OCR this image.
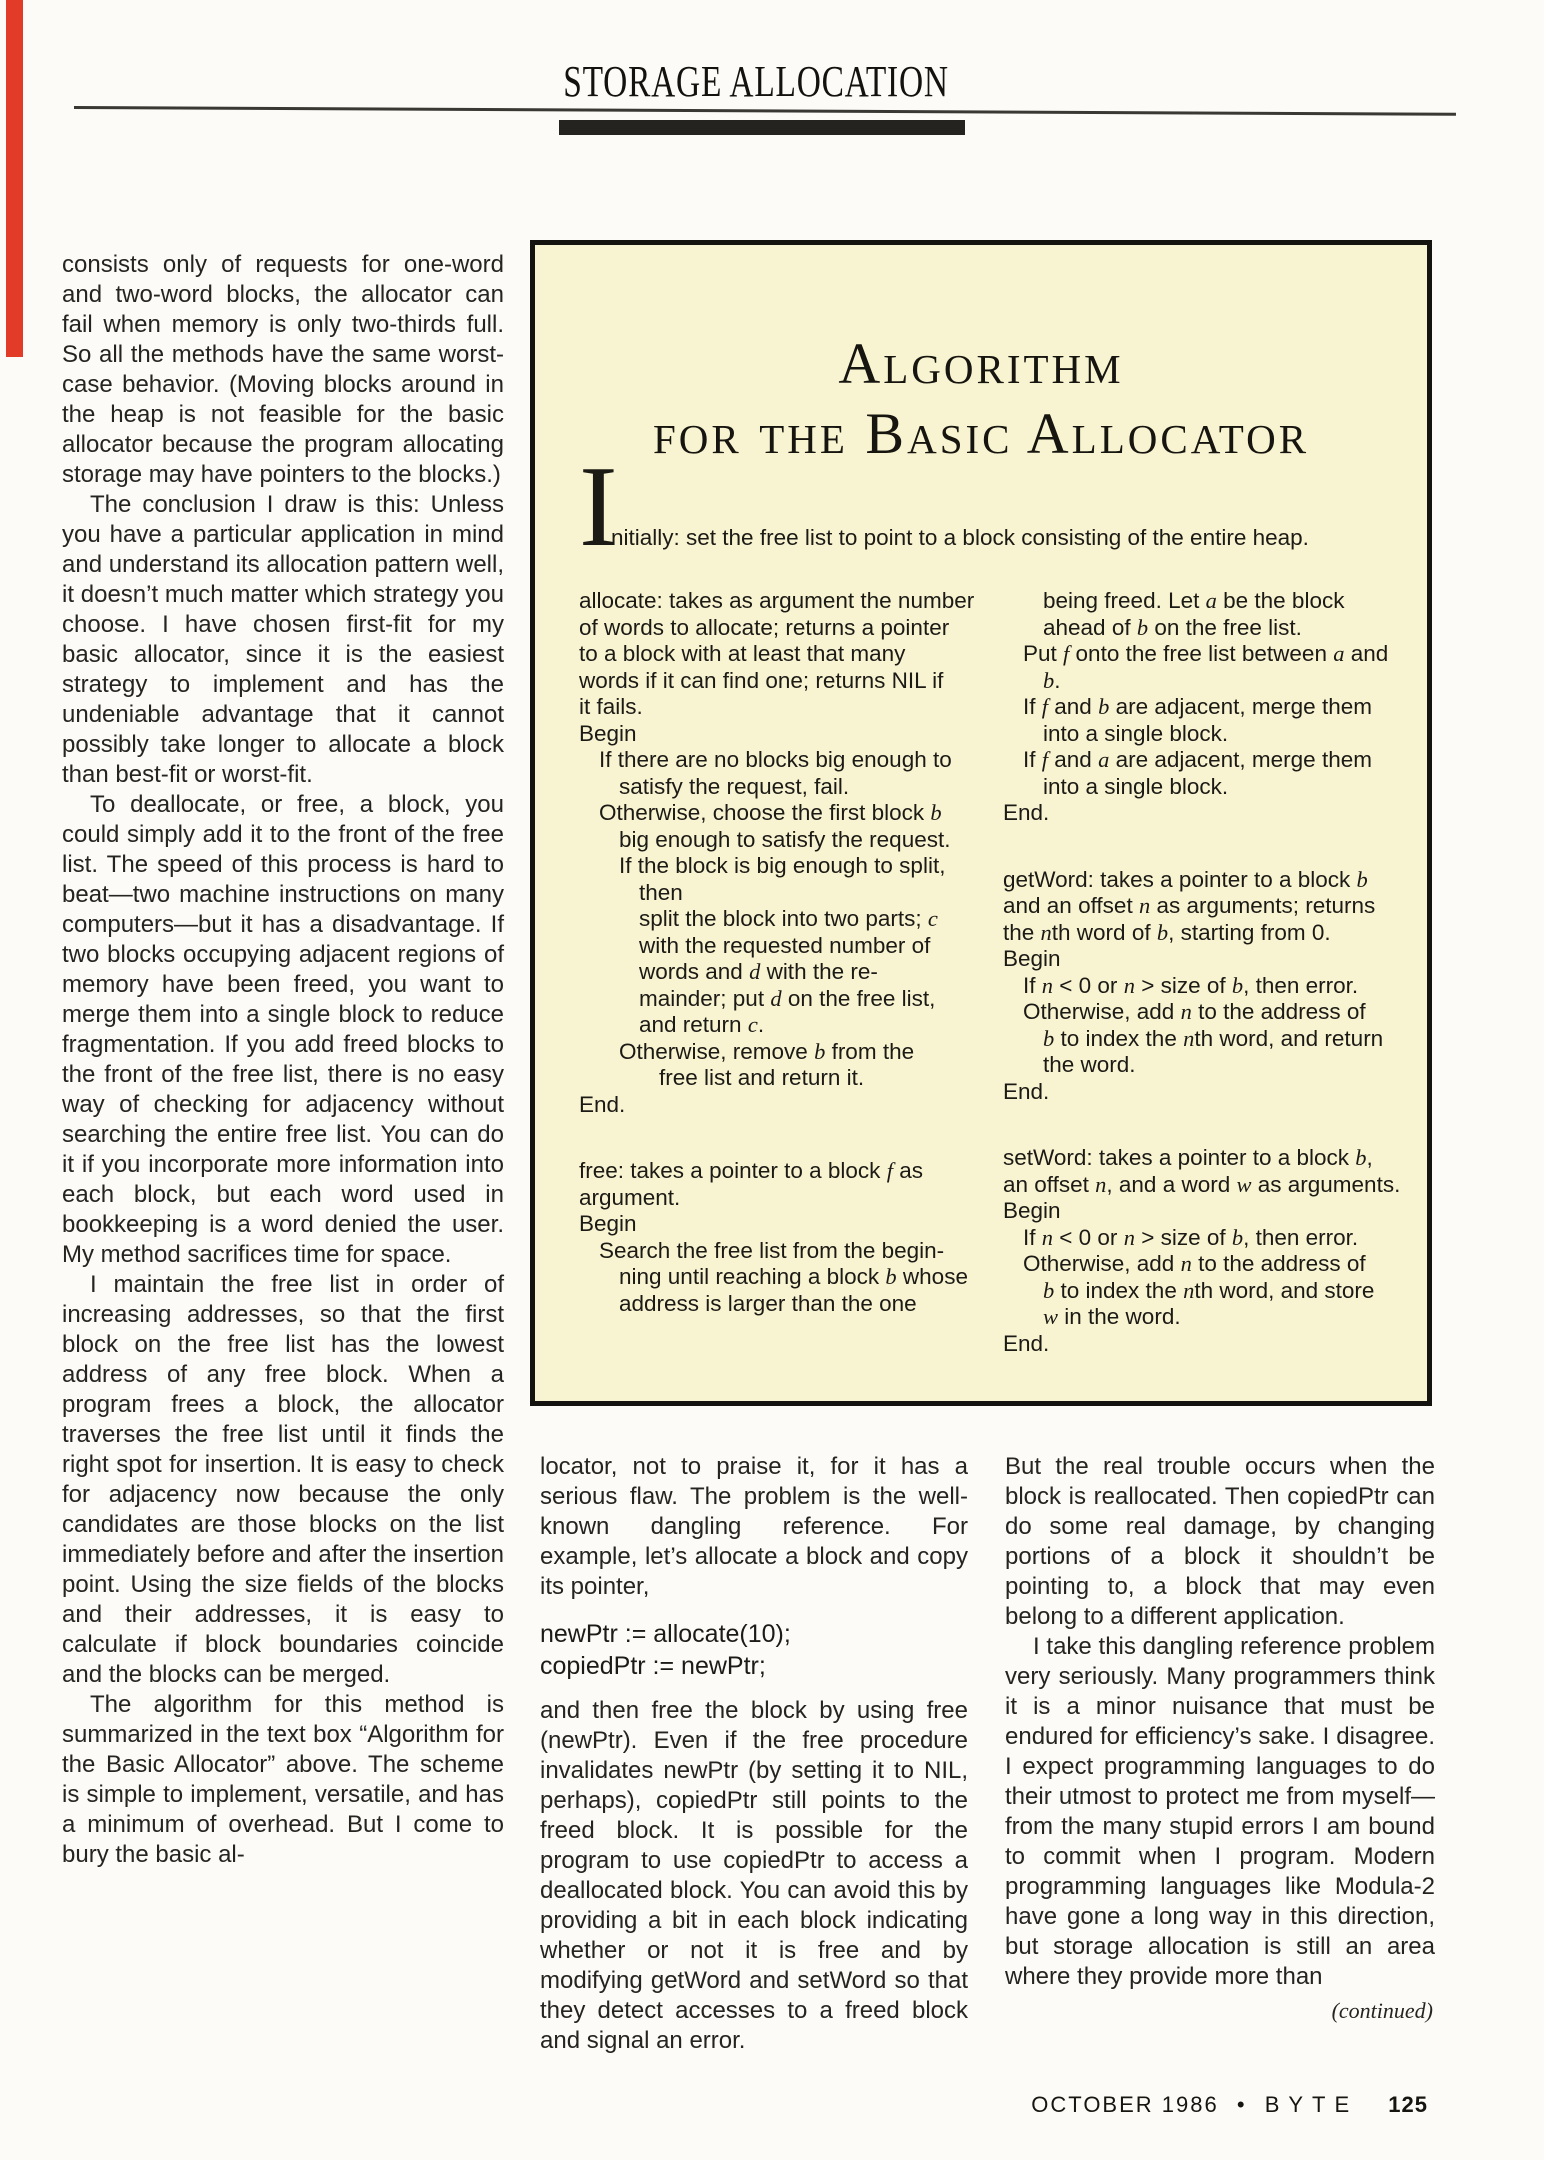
STORAGE ALLOCATION

consists only of requests for one-word and two-word blocks, the allocator can fail when memory is only two-thirds full. So all the methods have the same worst-case behavior. (Moving blocks around in the heap is not feasible for the basic allocator because the program allocating storage may have pointers to the blocks.)

The conclusion I draw is this: Unless you have a particular application in mind and understand its allocation pattern well, it doesn’t much matter which strategy you choose. I have chosen first-fit for my basic allocator, since it is the easiest strategy to implement and has the undeniable advantage that it cannot possibly take longer to allocate a block than best-fit or worst-fit.

To deallocate, or free, a block, you could simply add it to the front of the free list. The speed of this process is hard to beat—two machine instructions on many computers—but it has a disadvantage. If two blocks occupying adjacent regions of memory have been freed, you want to merge them into a single block to reduce fragmentation. If you add freed blocks to the front of the free list, there is no easy way of checking for adjacency without searching the entire free list. You can do it if you incorporate more information into each block, but each word used in bookkeeping is a word denied the user. My method sacrifices time for space.

I maintain the free list in order of increasing addresses, so that the first block on the free list has the lowest address of any free block. When a program frees a block, the allocator traverses the free list until it finds the right spot for insertion. It is easy to check for adjacency now because the only candidates are those blocks on the list immediately before and after the insertion point. Using the size fields of the blocks and their addresses, it is easy to calculate if block boundaries coincide and the blocks can be merged.

The algorithm for this method is summarized in the text box “Algorithm for the Basic Allocator” above. The scheme is simple to implement, versatile, and has a minimum of overhead. But I come to bury the basic al-

Algorithm
for the Basic Allocator
I
nitially: set the free list to point to a block consisting of the entire heap.
allocate: takes as argument the number
of words to allocate; returns a pointer
to a block with at least that many
words if it can find one; returns NIL if
it fails.
Begin
If there are no blocks big enough to
satisfy the request, fail.
Otherwise, choose the first block b
big enough to satisfy the request.
If the block is big enough to split,
then
split the block into two parts; c
with the requested number of
words and d with the re-
mainder; put d on the free list,
and return c.
Otherwise, remove b from the
free list and return it.
End.
free: takes a pointer to a block f as
argument.
Begin
Search the free list from the begin-
ning until reaching a block b whose
address is larger than the one
being freed. Let a be the block
ahead of b on the free list.
Put f onto the free list between a and
b.
If f and b are adjacent, merge them
into a single block.
If f and a are adjacent, merge them
into a single block.
End.
getWord: takes a pointer to a block b
and an offset n as arguments; returns
the nth word of b, starting from 0.
Begin
If n < 0 or n > size of b, then error.
Otherwise, add n to the address of
b to index the nth word, and return
the word.
End.
setWord: takes a pointer to a block b,
an offset n, and a word w as arguments.
Begin
If n < 0 or n > size of b, then error.
Otherwise, add n to the address of
b to index the nth word, and store
w in the word.
End.

locator, not to praise it, for it has a serious flaw. The problem is the well-known dangling reference. For example, let’s allocate a block and copy its pointer,

newPtr := allocate(10);
copiedPtr := newPtr;

and then free the block by using free (newPtr). Even if the free procedure invalidates newPtr (by setting it to NIL, perhaps), copiedPtr still points to the freed block. It is possible for the program to use copiedPtr to access a deallocated block. You can avoid this by providing a bit in each block indicating whether or not it is free and by modifying getWord and setWord so that they detect accesses to a freed block and signal an error.

But the real trouble occurs when the block is reallocated. Then copiedPtr can do some real damage, by changing portions of a block it shouldn’t be pointing to, a block that may even belong to a different application.

I take this dangling reference problem very seriously. Many programmers think it is a minor nuisance that must be endured for efficiency’s sake. I disagree. I expect programming languages to do their utmost to protect me from myself—from the many stupid errors I am bound to commit when I program. Modern programming languages like Modula-2 have gone a long way in this direction, but storage allocation is still an area where they provide more than

(continued)
OCTOBER 1986 • BYTE 125
